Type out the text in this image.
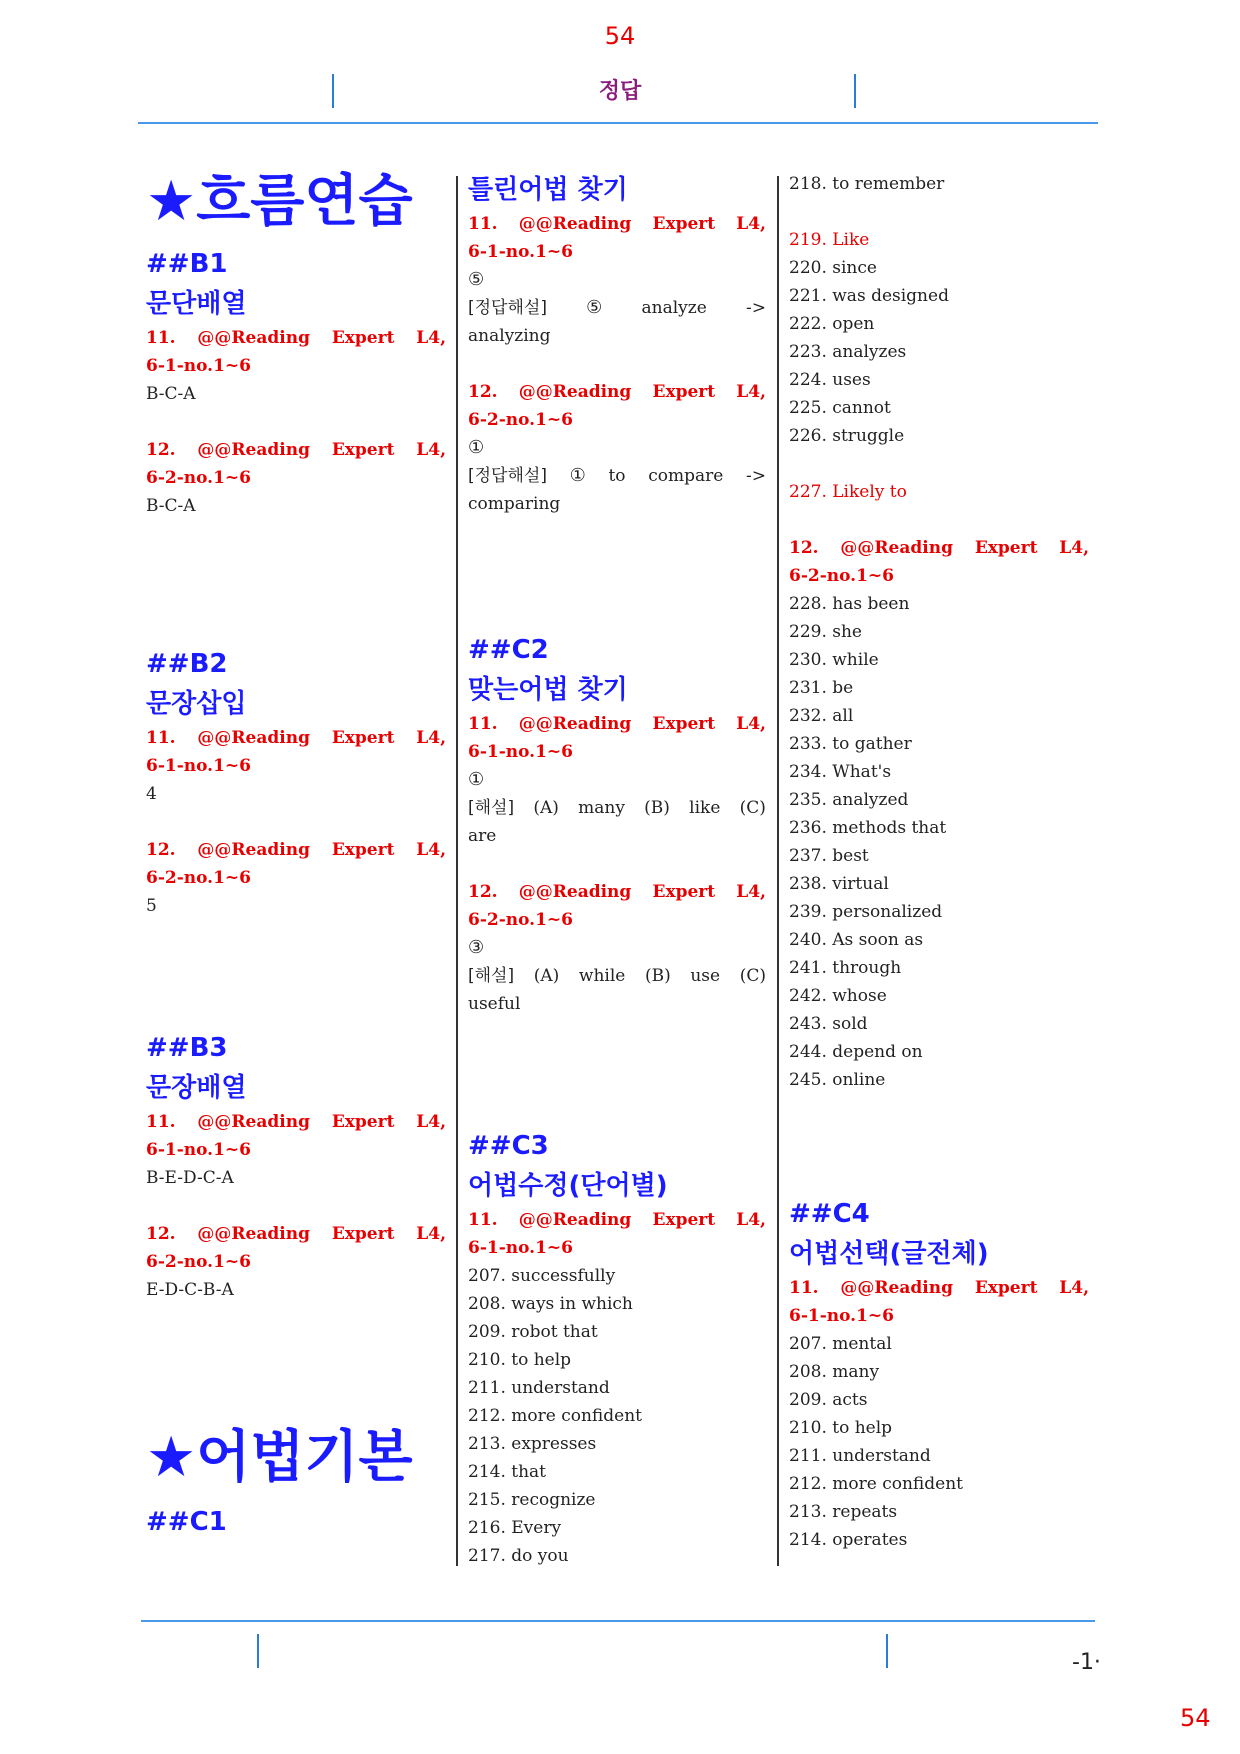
54
정답
★흐름연습
##B1
문단배열
11. @@Reading Expert L4,
6-1-no.1~6
B-C-A
12. @@Reading Expert L4,
6-2-no.1~6
B-C-A
##B2
문장삽입
11. @@Reading Expert L4,
6-1-no.1~6
4
12. @@Reading Expert L4,
6-2-no.1~6
5
##B3
문장배열
11. @@Reading Expert L4,
6-1-no.1~6
B-E-D-C-A
12. @@Reading Expert L4,
6-2-no.1~6
E-D-C-B-A
★어법기본
##C1
틀린어법 찾기
11. @@Reading Expert L4,
6-1-no.1~6
⑤
[정답해설] ⑤ analyze ->
analyzing
12. @@Reading Expert L4,
6-2-no.1~6
①
[정답해설] ① to compare ->
comparing
##C2
맞는어법 찾기
11. @@Reading Expert L4,
6-1-no.1~6
①
[해설] (A) many (B) like (C)
are
12. @@Reading Expert L4,
6-2-no.1~6
③
[해설] (A) while (B) use (C)
useful
##C3
어법수정(단어별)
11. @@Reading Expert L4,
6-1-no.1~6
207. successfully
208. ways in which
209. robot that
210. to help
211. understand
212. more confident
213. expresses
214. that
215. recognize
216. Every
217. do you
218. to remember
219. Like
220. since
221. was designed
222. open
223. analyzes
224. uses
225. cannot
226. struggle
227. Likely to
12. @@Reading Expert L4,
6-2-no.1~6
228. has been
229. she
230. while
231. be
232. all
233. to gather
234. What's
235. analyzed
236. methods that
237. best
238. virtual
239. personalized
240. As soon as
241. through
242. whose
243. sold
244. depend on
245. online
##C4
어법선택(글전체)
11. @@Reading Expert L4,
6-1-no.1~6
207. mental
208. many
209. acts
210. to help
211. understand
212. more confident
213. repeats
214. operates
-1·
54
